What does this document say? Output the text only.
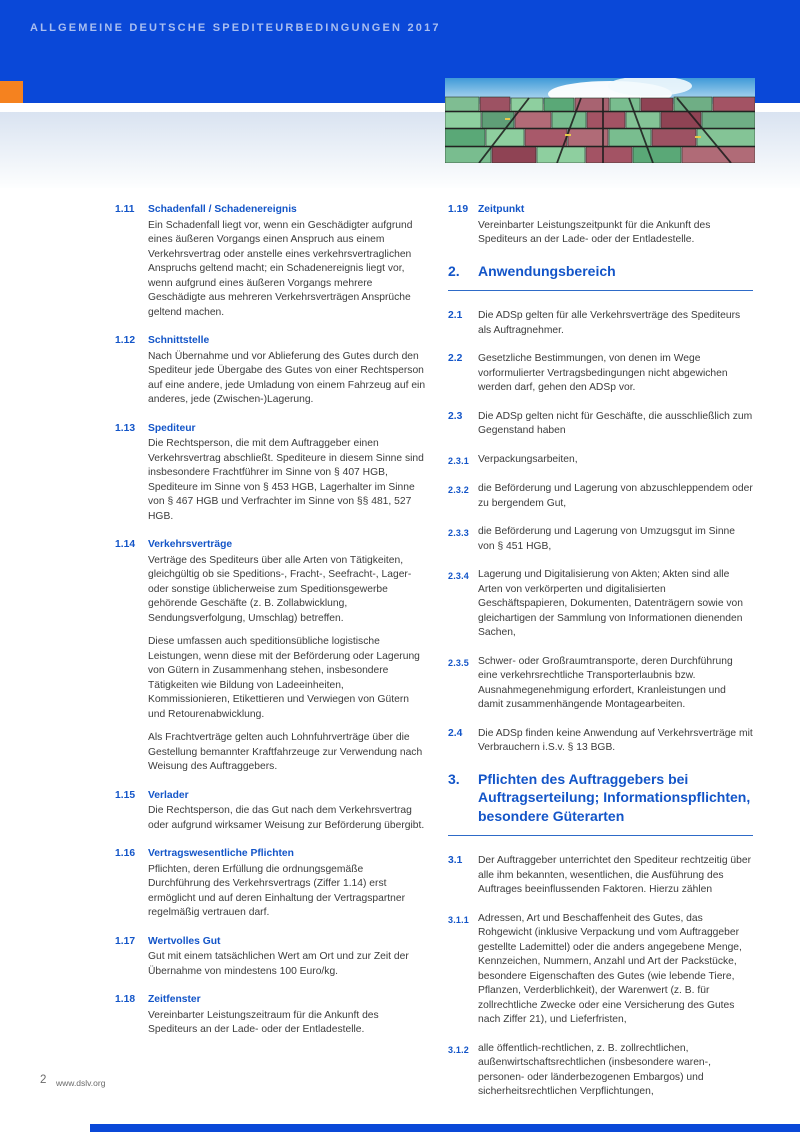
ALLGEMEINE DEUTSCHE SPEDITEURBEDINGUNGEN 2017
1.11	Schadenfall / Schadenereignis

Ein Schadenfall liegt vor, wenn ein Geschädigter aufgrund eines äußeren Vorgangs einen Anspruch aus einem Verkehrsvertrag oder anstelle eines verkehrsvertraglichen Anspruchs geltend macht; ein Schadenereignis liegt vor, wenn aufgrund eines äußeren Vorgangs mehrere Geschädigte aus mehreren Verkehrsverträgen Ansprüche geltend machen.

1.12	Schnittstelle

Nach Übernahme und vor Ablieferung des Gutes durch den Spediteur jede Übergabe des Gutes von einer Rechtsperson auf eine andere, jede Umladung von einem Fahrzeug auf ein anderes, jede (Zwischen-)Lagerung.

1.13	Spediteur

Die Rechtsperson, die mit dem Auftraggeber einen Verkehrsvertrag abschließt. Spediteure in diesem Sinne sind insbesondere Frachtführer im Sinne von § 407 HGB, Spediteure im Sinne von § 453 HGB, Lagerhalter im Sinne von § 467 HGB und Verfrachter im Sinne von §§ 481, 527 HGB.

1.14	Verkehrsverträge

Verträge des Spediteurs über alle Arten von Tätigkeiten, gleichgültig ob sie Speditions-, Fracht-, Seefracht-, Lager- oder sonstige üblicherweise zum Speditionsgewerbe gehörende Geschäfte (z. B. Zollabwicklung, Sendungsverfolgung, Umschlag) betreffen.

Diese umfassen auch speditionsübliche logistische Leistungen, wenn diese mit der Beförderung oder Lagerung von Gütern in Zusammenhang stehen, insbesondere Tätigkeiten wie Bildung von Ladeeinheiten, Kommissionieren, Etikettieren und Verwiegen von Gütern und Retourenabwicklung.

Als Frachtverträge gelten auch Lohnfuhrverträge über die Gestellung bemannter Kraftfahrzeuge zur Verwendung nach Weisung des Auftraggebers.

1.15	Verlader

Die Rechtsperson, die das Gut nach dem Verkehrsvertrag oder aufgrund wirksamer Weisung zur Beförderung übergibt.

1.16	Vertragswesentliche Pflichten

Pflichten, deren Erfüllung die ordnungsgemäße Durchführung des Verkehrsvertrags (Ziffer 1.14) erst ermöglicht und auf deren Einhaltung der Vertragspartner regelmäßig vertrauen darf.

1.17	Wertvolles Gut

Gut mit einem tatsächlichen Wert am Ort und zur Zeit der Übernahme von mindestens 100 Euro/kg.

1.18	Zeitfenster

Vereinbarter Leistungszeitraum für die Ankunft des Spediteurs an der Lade- oder der Entladestelle.

1.19 Zeitpunkt

Vereinbarter Leistungszeitpunkt für die Ankunft des Spediteurs an der Lade- oder der Entladestelle.

2.	Anwendungsbereich
2.1	Die ADSp gelten für alle Verkehrsverträge des Spediteurs als Auftragnehmer.

2.2	Gesetzliche Bestimmungen, von denen im Wege vorformulierter Vertragsbedingungen nicht abgewichen werden darf, gehen den ADSp vor.

2.3	Die ADSp gelten nicht für Geschäfte, die ausschließlich zum Gegenstand haben

2.3.1 Verpackungsarbeiten,

2.3.2 die Beförderung und Lagerung von abzuschleppendem oder zu bergendem Gut,

2.3.3 die Beförderung und Lagerung von Umzugsgut im Sinne von § 451 HGB,

2.3.4 Lagerung und Digitalisierung von Akten; Akten sind alle Arten von verkörperten und digitalisierten Geschäftspapieren, Dokumenten, Datenträgern sowie von gleichartigen der Sammlung von Informationen dienenden Sachen,

2.3.5 Schwer- oder Großraumtransporte, deren Durchführung eine verkehrsrechtliche Transporterlaubnis bzw. Ausnahmegenehmigung erfordert, Kranleistungen und damit zusammenhängende Montagearbeiten.

2.4	Die ADSp finden keine Anwendung auf Verkehrsverträge mit Verbrauchern i.S.v. § 13 BGB.

3.	Pflichten des Auftraggebers bei Auftragserteilung; Informationspflichten, besondere Güterarten
3.1	Der Auftraggeber unterrichtet den Spediteur rechtzeitig über alle ihm bekannten, wesentlichen, die Ausführung des Auftrages beeinflussenden Faktoren. Hierzu zählen

3.1.1 Adressen, Art und Beschaffenheit des Gutes, das Rohgewicht (inklusive Verpackung und vom Auftraggeber gestellte Lademittel) oder die anders angegebene Menge, Kennzeichen, Nummern, Anzahl und Art der Packstücke, besondere Eigenschaften des Gutes (wie lebende Tiere, Pflanzen, Verderblichkeit), der Warenwert (z. B. für zollrechtliche Zwecke oder eine Versicherung des Gutes nach Ziffer 21), und Lieferfristen,

3.1.2 alle öffentlich-rechtlichen, z. B. zollrechtlichen, außenwirtschaftsrechtlichen (insbesondere waren-, personen- oder länderbezogenen Embargos) und sicherheitsrechtlichen Verpflichtungen,

2 www.dslv.org
